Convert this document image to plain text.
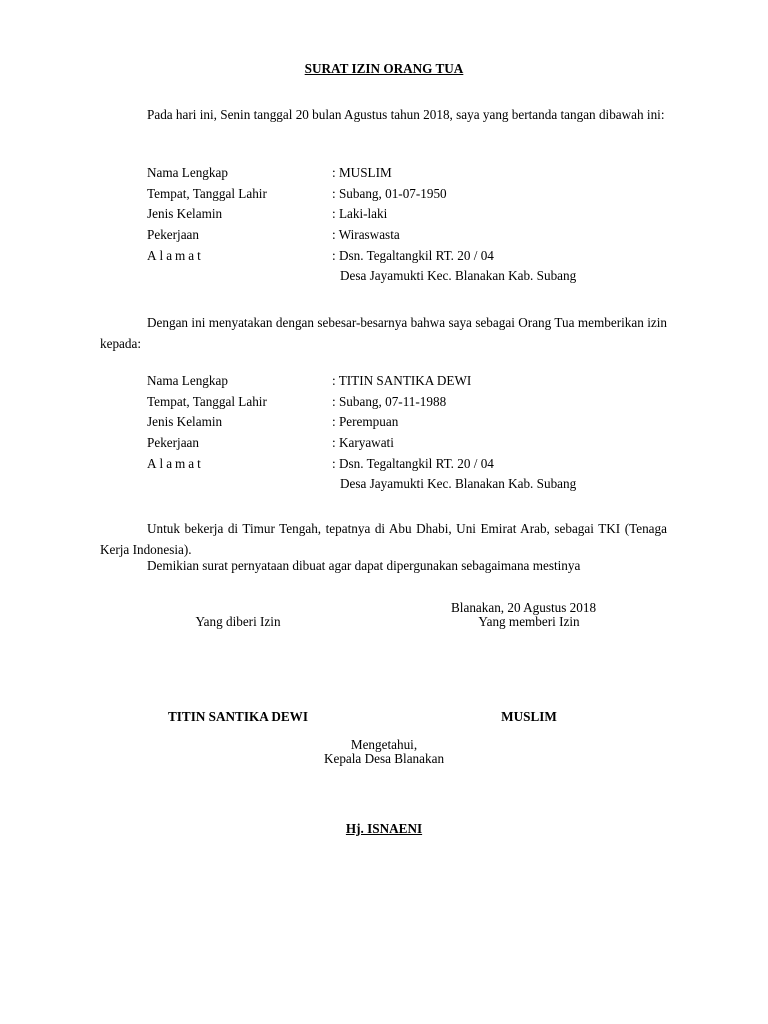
SURAT IZIN ORANG TUA
Pada hari ini, Senin tanggal 20 bulan Agustus tahun 2018, saya yang bertanda tangan dibawah ini:
Nama Lengkap	: MUSLIM
Tempat, Tanggal Lahir	: Subang, 01-07-1950
Jenis Kelamin	: Laki-laki
Pekerjaan	: Wiraswasta
Alamat	: Dsn. Tegaltangkil RT. 20 / 04
Desa Jayamukti Kec. Blanakan Kab. Subang
Dengan ini menyatakan dengan sebesar-besarnya bahwa saya sebagai Orang Tua memberikan izin kepada:
Nama Lengkap	: TITIN SANTIKA DEWI
Tempat, Tanggal Lahir	: Subang, 07-11-1988
Jenis Kelamin	: Perempuan
Pekerjaan	: Karyawati
Alamat	: Dsn. Tegaltangkil RT. 20 / 04
Desa Jayamukti Kec. Blanakan Kab. Subang
Untuk bekerja di Timur Tengah, tepatnya di Abu Dhabi, Uni Emirat Arab, sebagai TKI (Tenaga Kerja Indonesia).
Demikian surat pernyataan dibuat agar dapat dipergunakan sebagaimana mestinya
Blanakan, 20 Agustus 2018
Yang diberi Izin	Yang memberi Izin
TITIN SANTIKA DEWI	MUSLIM
Mengetahui,
Kepala Desa Blanakan
Hj. ISNAENI
